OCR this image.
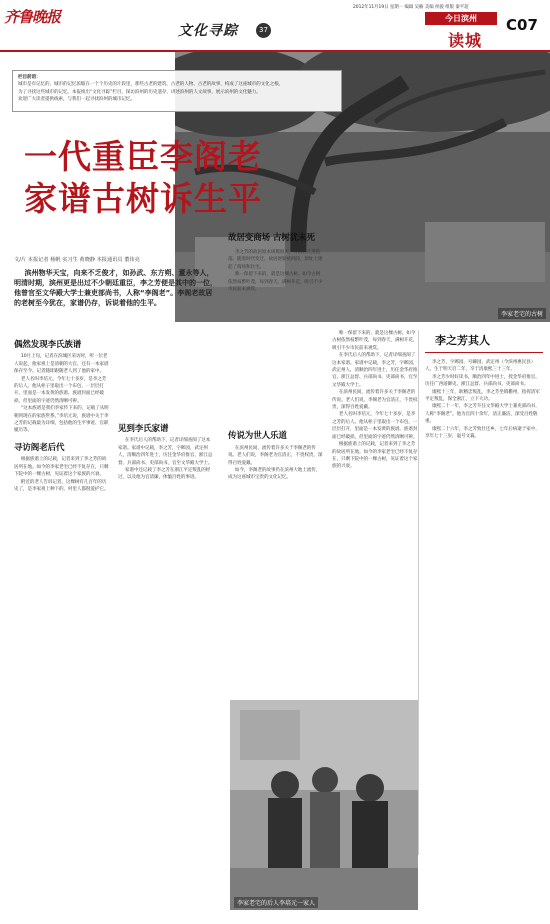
齐鲁晚报
文化寻踪	37
2012年11月19日 星期一 编辑 吴楠 美编 侯骏 组版 秦平超
今日滨州
读城
C07
李家老宅的古树
栏目前语：
城市是有记忆的，城市的记忆浓缩在一个个历史的片段里，那些古老的建筑、古老的人物、古老的故事，构成了这座城市的文化之根。
为了寻找这些城市的记忆，本报推出“文化寻踪”栏目，探访滨州的历史遗存，讲述滨州的人文故事，展示滨州的文化魅力。
欢迎广大读者提供线索，与我们一起寻找滨州的城市记忆。
一代重臣李阁老
家谱古树诉生平
文/片 本报记者 杨帆 实习生 黄晓静 本报通讯员 董伟亮

滨州物华天宝，向来不乏俊才，如孙武、东方朔、董永等人，明清时期，滨州更是出过不少朝廷重臣，李之芳便是其中的一位，他曾官至文华殿大学士兼吏部尚书，人称“李阁老”。李阁老故居的老树至今犹在，家谱仍存，诉说着他的生平。

偶然发现李氏族谱

10月上旬，记者在滨城区采访时，听一位老人说起，他家祖上是清朝的大官，还有一本家谱保存至今。记者随即跟随老人到了他的家中。

老人名叫李培元，今年七十多岁，是李之芳的后人。他从柜子里取出一个布包，一层层打开，里面是一本发黄的族谱。族谱封面已经破损，但里面的字迹仍然清晰可辨。

“这本族谱是我们李家传下来的，记载了从明朝到现在的家族世系。”李培元说，族谱中关于李之芳的记载最为详细，包括他的生平事迹、官职履历等。

寻访阁老后代

根据族谱上的记载，记者来到了李之芳的故居所在地。如今的李家老宅已经不复存在，只剩下院中的一棵古树，见证着这个家族的兴衰。

附近的老人告诉记者，这棵树有几百年的历史了，是李家祖上种下的，村里人都很爱护它。

见到李氏家谱

在李氏后人的帮助下，记者详细查阅了这本家谱。家谱中记载，李之芳，字邺园，武定州人，清顺治四年进士，历任金华府推官、浙江总督、兵部尚书、吏部尚书，官至文华殿大学士。

家谱中还记载了李之芳在浙江平定叛乱的经过，以及他为官清廉、体恤百姓的事迹。

故居变商场 古树犹未死

李之芳的故居原本规模很大，有前后几进院落。随着时代变迁，故居逐渐被拆除，原址上建起了商场和住宅。

唯一保留下来的，就是这棵古树。如今古树依然枝繁叶茂，每到春天，满树开花，吸引不少市民前来观赏。

传说为世人乐道

在滨州民间，流传着许多关于李阁老的传说。老人们说，李阁老为官清正，不畏权贵，深得百姓爱戴。

如今，李阁老的故事仍在滨州大地上流传，成为这座城市宝贵的文化记忆。

唯一保留下来的，就是这棵古树。如今古树依然枝繁叶茂，每到春天，满树开花，吸引不少市民前来观赏。

在李氏后人的帮助下，记者详细查阅了这本家谱。家谱中记载，李之芳，字邺园，武定州人，清顺治四年进士，历任金华府推官、浙江总督、兵部尚书、吏部尚书，官至文华殿大学士。

在滨州民间，流传着许多关于李阁老的传说。老人们说，李阁老为官清正，不畏权贵，深得百姓爱戴。

老人名叫李培元，今年七十多岁，是李之芳的后人。他从柜子里取出一个布包，一层层打开，里面是一本发黄的族谱。族谱封面已经破损，但里面的字迹仍然清晰可辨。

根据族谱上的记载，记者来到了李之芳的故居所在地。如今的李家老宅已经不复存在，只剩下院中的一棵古树，见证着这个家族的兴衰。

李之芳其人

李之芳，字邺园，号棘园，武定州（今滨州惠民县）人，生于明天启二年，卒于清康熙三十三年。

李之芳少时好读书，顺治四年中进士，授金华府推官，历任广西道御史、浙江总督、兵部尚书、吏部尚书。

康熙十三年，耿精忠叛乱，李之芳坐镇衢州，指挥清军平定叛乱，保全浙江，立下大功。

康熙二十一年，李之芳升任文华殿大学士兼吏部尚书，人称“李阁老”。他为官四十余年，清正廉洁，深受百姓敬重。

康熙二十六年，李之芳致仕还乡，七年后病逝于家中，享年七十三岁，谥号文襄。

李家老宅的后人李培元一家人
